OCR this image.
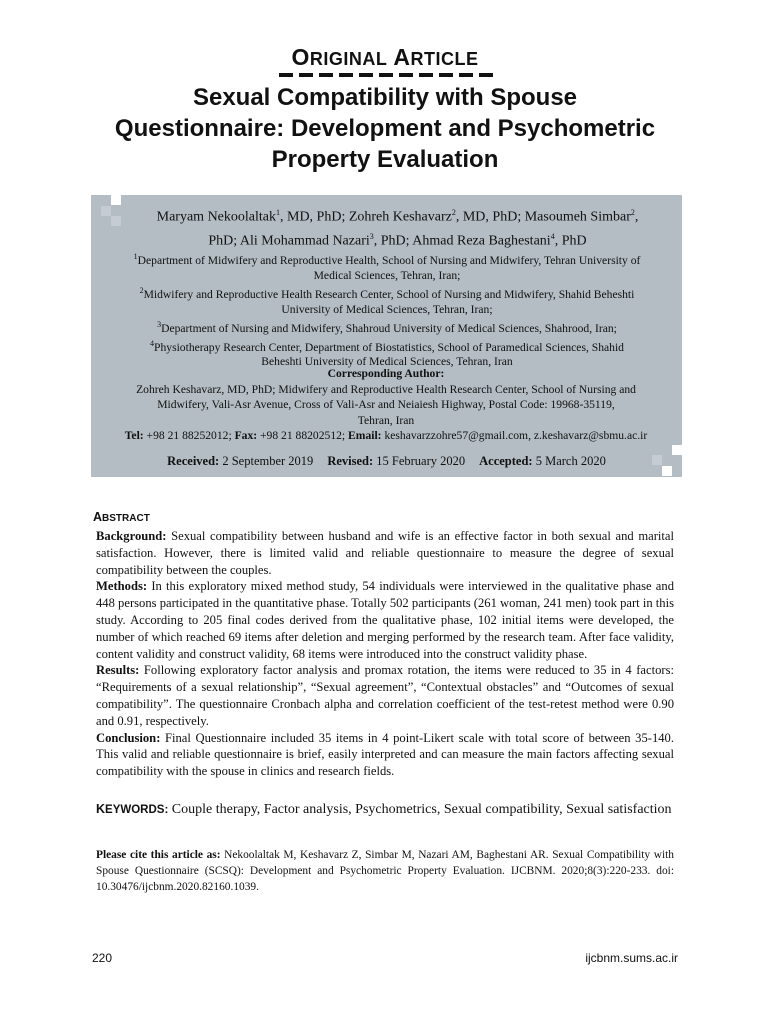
ORIGINAL ARTICLE
Sexual Compatibility with Spouse
Questionnaire: Development and Psychometric
Property Evaluation
Maryam Nekoolaltak$^1$, MD, PhD; Zohreh Keshavarz$^2$, MD, PhD; Masoumeh Simbar$^2$,
PhD; Ali Mohammad Nazari$^3$, PhD; Ahmad Reza Baghestani$^4$, PhD
$^1$Department of Midwifery and Reproductive Health, School of Nursing and Midwifery, Tehran University of
Medical Sciences, Tehran, Iran;
$^2$Midwifery and Reproductive Health Research Center, School of Nursing and Midwifery, Shahid Beheshti
University of Medical Sciences, Tehran, Iran;
$^3$Department of Nursing and Midwifery, Shahroud University of Medical Sciences, Shahrood, Iran;
$^4$Physiotherapy Research Center, Department of Biostatistics, School of Paramedical Sciences, Shahid
Beheshti University of Medical Sciences, Tehran, Iran
Corresponding Author:
Zohreh Keshavarz, MD, PhD; Midwifery and Reproductive Health Research Center, School of Nursing and
Midwifery, Vali-Asr Avenue, Cross of Vali-Asr and Neiaiesh Highway, Postal Code: 19968-35119,
Tehran, Iran
Tel: +98 21 88252012; Fax: +98 21 88202512; Email: keshavarzzohre57@gmail.com, z.keshavarz@sbmu.ac.ir
Received: 2 September 2019 Revised: 15 February 2020 Accepted: 5 March 2020
ABSTRACT

Background: Sexual compatibility between husband and wife is an effective factor in both sexual and marital satisfaction. However, there is limited valid and reliable questionnaire to measure the degree of sexual compatibility between the couples.

Methods: In this exploratory mixed method study, 54 individuals were interviewed in the qualitative phase and 448 persons participated in the quantitative phase. Totally 502 participants (261 woman, 241 men) took part in this study. According to 205 final codes derived from the qualitative phase, 102 initial items were developed, the number of which reached 69 items after deletion and merging performed by the research team. After face validity, content validity and construct validity, 68 items were introduced into the construct validity phase.

Results: Following exploratory factor analysis and promax rotation, the items were reduced to 35 in 4 factors: “Requirements of a sexual relationship”, “Sexual agreement”, “Contextual obstacles” and “Outcomes of sexual compatibility”. The questionnaire Cronbach alpha and correlation coefficient of the test-retest method were 0.90 and 0.91, respectively.

Conclusion: Final Questionnaire included 35 items in 4 point-Likert scale with total score of between 35-140. This valid and reliable questionnaire is brief, easily interpreted and can measure the main factors affecting sexual compatibility with the spouse in clinics and research fields.

KEYWORDS: Couple therapy, Factor analysis, Psychometrics, Sexual compatibility, Sexual satisfaction
Please cite this article as: Nekoolaltak M, Keshavarz Z, Simbar M, Nazari AM, Baghestani AR. Sexual Compatibility with Spouse Questionnaire (SCSQ): Development and Psychometric Property Evaluation. IJCBNM. 2020;8(3):220-233. doi: 10.30476/ijcbnm.2020.82160.1039.
220	ijcbnm.sums.ac.ir
